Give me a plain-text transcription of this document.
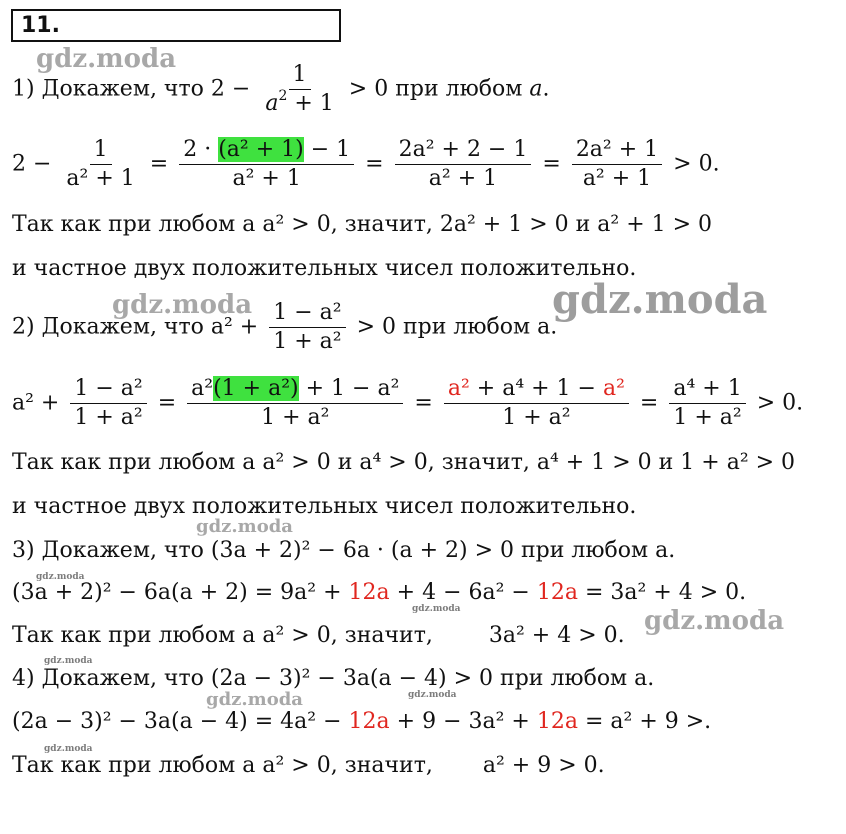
11.
1) Докажем, что $2 - \frac{1}{a^2 + 1} > 0$ при любом a.
$2 - \frac{1}{\text{a² + 1}} = \frac{\text{2 · (a² + 1) − 1}}{\text{a² + 1}} = \frac{\text{2a² + 2 − 1}}{\text{a² + 1}} = \frac{\text{2a² + 1}}{\text{a² + 1}} > 0$.
Так как при любом a a² > 0, значит, 2a² + 1 > 0 и a² + 1 > 0
и частное двух положительных чисел положительно.
2) Докажем, что $a^2 + \frac{\text{1 − a²}}{\text{1 + a²}} > 0$ при любом a.
$a^2 + \frac{\text{1 − a²}}{\text{1 + a²}} = \frac{\text{a²(1 + a²) + 1 − a²}}{\text{1 + a²}} = \frac{\text{a² + a⁴ + 1 − a²}}{\text{1 + a²}} = \frac{\text{a⁴ + 1}}{\text{1 + a²}} > 0$.
Так как при любом a a² > 0 и a⁴ > 0, значит, a⁴ + 1 > 0 и 1 + a² > 0
и частное двух положительных чисел положительно.
3) Докажем, что (3a + 2)² − 6a · (a + 2) > 0 при любом a.
(3a + 2)² − 6a(a + 2) = 9a² + 12a + 4 − 6a² − 12a = 3a² + 4 > 0.
Так как при любом a a² > 0, значит,	3a² + 4 > 0.
4) Докажем, что (2a − 3)² − 3a(a − 4) > 0 при любом a.
(2a − 3)² − 3a(a − 4) = 4a² − 12a + 9 − 3a² + 12a = a² + 9 >.
Так как при любом a a² > 0, значит, a² + 9 > 0.
gdz.moda
gdz.moda	gdz.moda
gdz.moda
gdz.moda
gdz.moda	gdz.moda
gdz.moda
gdz.moda
gdz.moda
gdz.moda
